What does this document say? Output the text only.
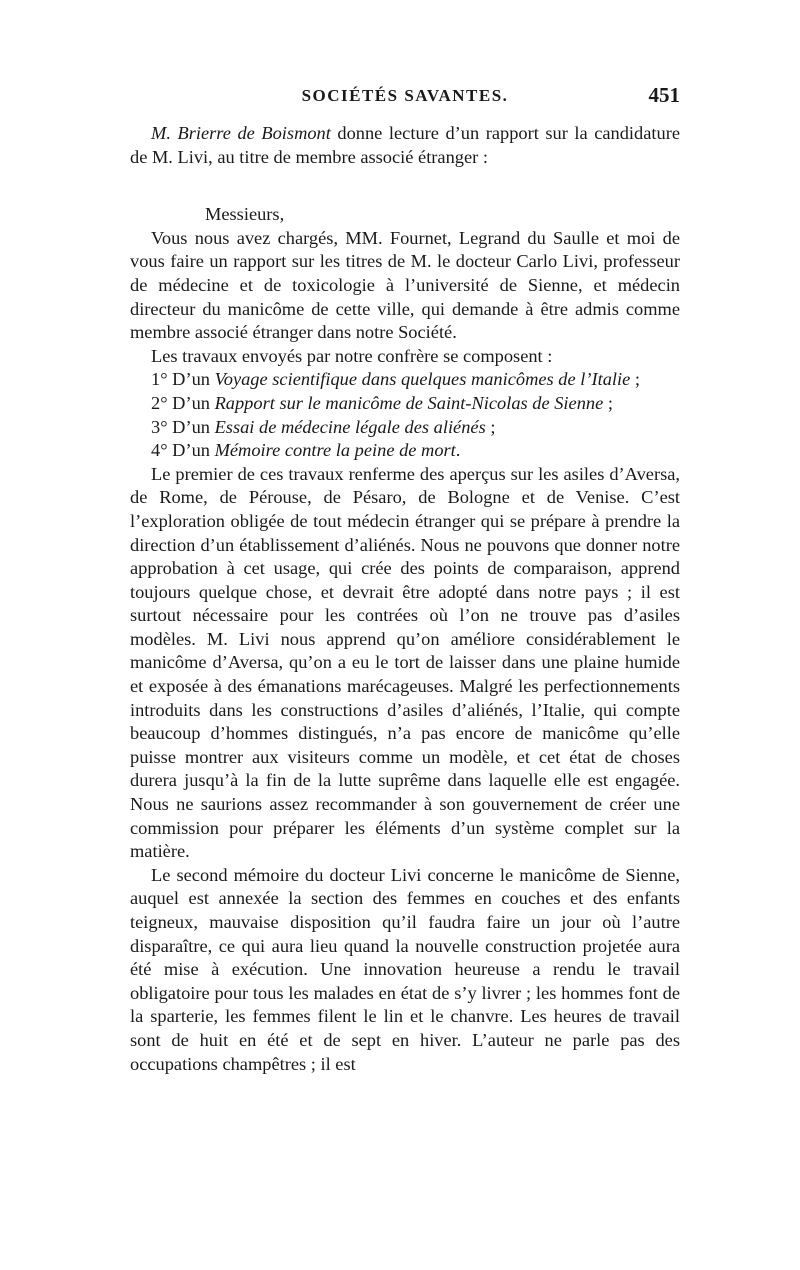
SOCIÉTÉS SAVANTES.	451

M. Brierre de Boismont donne lecture d’un rapport sur la candidature de M. Livi, au titre de membre associé étranger :

Messieurs,

Vous nous avez chargés, MM. Fournet, Legrand du Saulle et moi de vous faire un rapport sur les titres de M. le docteur Carlo Livi, professeur de médecine et de toxicologie à l’université de Sienne, et médecin directeur du manicôme de cette ville, qui demande à être admis comme membre associé étranger dans notre Société.

Les travaux envoyés par notre confrère se composent :

1° D’un Voyage scientifique dans quelques manicômes de l’Italie ;

2° D’un Rapport sur le manicôme de Saint-Nicolas de Sienne ;

3° D’un Essai de médecine légale des aliénés ;

4° D’un Mémoire contre la peine de mort.

Le premier de ces travaux renferme des aperçus sur les asiles d’Aversa, de Rome, de Pérouse, de Pésaro, de Bologne et de Venise. C’est l’exploration obligée de tout médecin étranger qui se prépare à prendre la direction d’un établissement d’aliénés. Nous ne pouvons que donner notre approbation à cet usage, qui crée des points de comparaison, apprend toujours quelque chose, et devrait être adopté dans notre pays ; il est surtout nécessaire pour les contrées où l’on ne trouve pas d’asiles modèles. M. Livi nous apprend qu’on améliore considérablement le manicôme d’Aversa, qu’on a eu le tort de laisser dans une plaine humide et exposée à des émanations marécageuses. Malgré les perfectionnements introduits dans les constructions d’asiles d’aliénés, l’Italie, qui compte beaucoup d’hommes distingués, n’a pas encore de manicôme qu’elle puisse montrer aux visiteurs comme un modèle, et cet état de choses durera jusqu’à la fin de la lutte suprême dans laquelle elle est engagée. Nous ne saurions assez recommander à son gouvernement de créer une commission pour préparer les éléments d’un système complet sur la matière.

Le second mémoire du docteur Livi concerne le manicôme de Sienne, auquel est annexée la section des femmes en couches et des enfants teigneux, mauvaise disposition qu’il faudra faire un jour où l’autre disparaître, ce qui aura lieu quand la nouvelle construction projetée aura été mise à exécution. Une innovation heureuse a rendu le travail obligatoire pour tous les malades en état de s’y livrer ; les hommes font de la sparterie, les femmes filent le lin et le chanvre. Les heures de travail sont de huit en été et de sept en hiver. L’auteur ne parle pas des occupations champêtres ; il est
